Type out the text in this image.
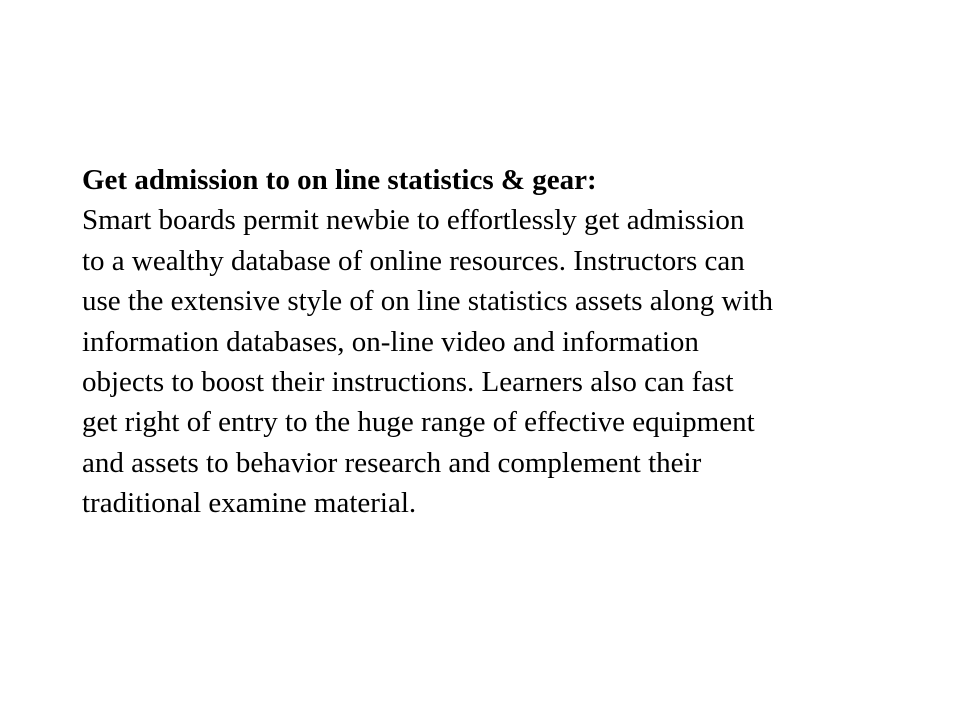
Get admission to on line statistics & gear:
Smart boards permit newbie to effortlessly get admission
to a wealthy database of online resources. Instructors can
use the extensive style of on line statistics assets along with
information databases, on-line video and information
objects to boost their instructions. Learners also can fast
get right of entry to the huge range of effective equipment
and assets to behavior research and complement their
traditional examine material.
